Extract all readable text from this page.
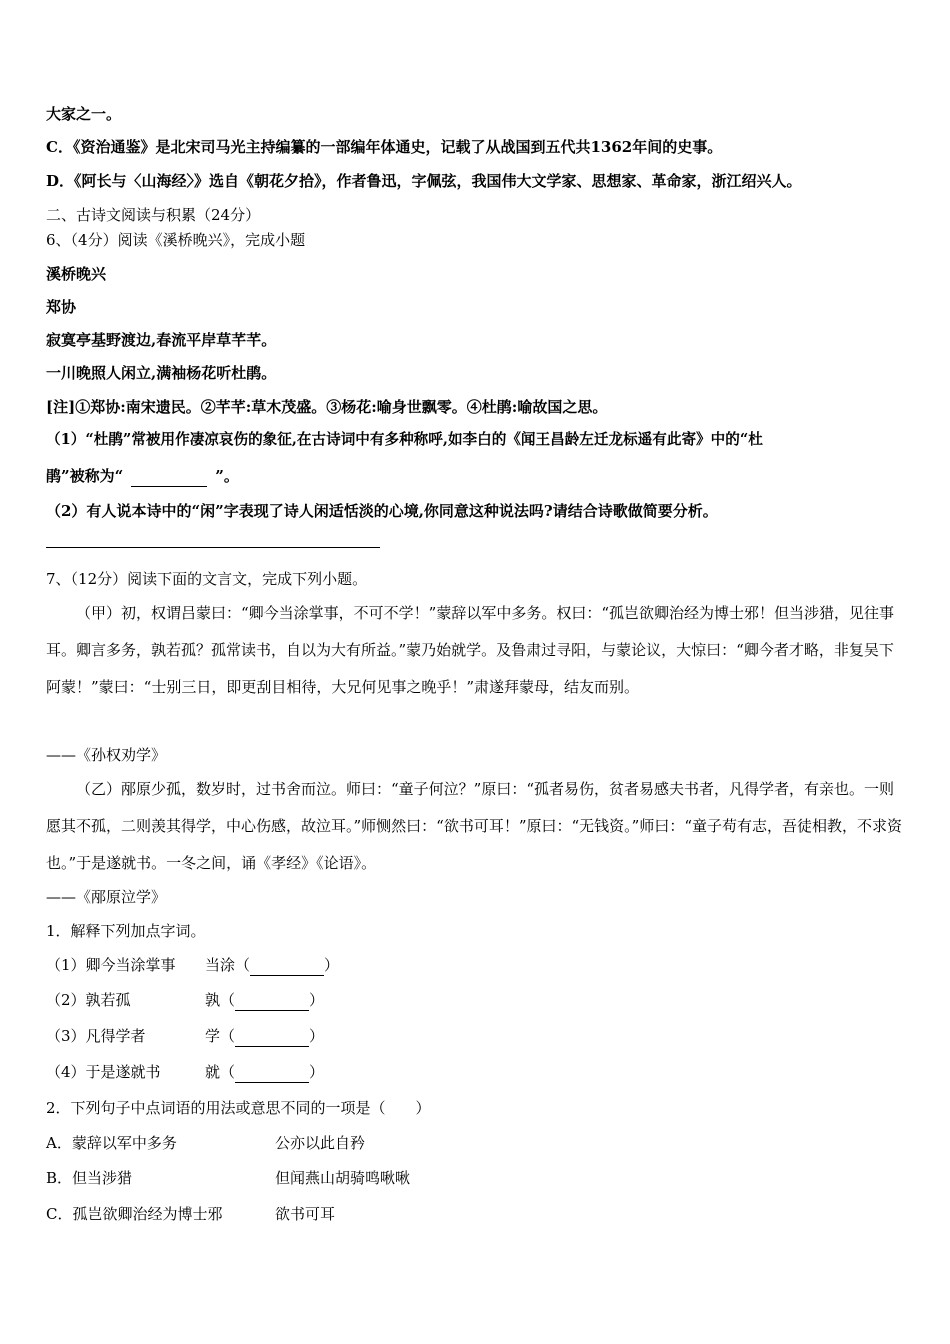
大家之一。
C．《资治通鉴》是北宋司马光主持编纂的一部编年体通史，记载了从战国到五代共1362年间的史事。
D．《阿长与〈山海经〉》选自《朝花夕拾》，作者鲁迅，字佩弦，我国伟大文学家、思想家、革命家，浙江绍兴人。
二、古诗文阅读与积累（24分）
6、（4分）阅读《溪桥晚兴》，完成小题
溪桥晚兴
郑协
寂寞亭基野渡边,春流平岸草芊芊。
一川晚照人闲立,满袖杨花听杜鹃。
[注]①郑协:南宋遗民。②芊芊:草木茂盛。③杨花:喻身世飘零。④杜鹃:喻故国之思。
（1）“杜鹃”常被用作凄凉哀伤的象征,在古诗词中有多种称呼,如李白的《闻王昌龄左迁龙标遥有此寄》中的“杜
鹃”被称为“	”。
（2）有人说本诗中的“闲”字表现了诗人闲适恬淡的心境,你同意这种说法吗?请结合诗歌做简要分析。
7、（12分）阅读下面的文言文，完成下列小题。
（甲）初，权谓吕蒙曰：“卿今当涂掌事，不可不学！”蒙辞以军中多务。权曰：“孤岂欲卿治经为博士邪！但当涉猎，见往事耳。卿言多务，孰若孤？孤常读书，自以为大有所益。”蒙乃始就学。及鲁肃过寻阳，与蒙论议，大惊曰：“卿今者才略，非复吴下阿蒙！”蒙曰：“士别三日，即更刮目相待，大兄何见事之晚乎！”肃遂拜蒙母，结友而别。
——《孙权劝学》
（乙）邴原少孤，数岁时，过书舍而泣。师曰：“童子何泣？”原曰：“孤者易伤，贫者易感夫书者，凡得学者，有亲也。一则愿其不孤，二则羡其得学，中心伤感，故泣耳。”师恻然曰：“欲书可耳！”原曰：“无钱资。”师曰：“童子苟有志，吾徒相教，不求资也。”于是遂就书。一冬之间，诵《孝经》《论语》。
——《邴原泣学》
1．解释下列加点字词。
（1）卿今当涂掌事 当涂（	）
（2）孰若孤	孰（	）
（3）凡得学者	学（	）
（4）于是遂就书	就（	）
2．下列句子中点词语的用法或意思不同的一项是（　　）
A．蒙辞以军中多务	公亦以此自矜
B．但当涉猎	但闻燕山胡骑鸣啾啾
C．孤岂欲卿治经为博士邪	欲书可耳
